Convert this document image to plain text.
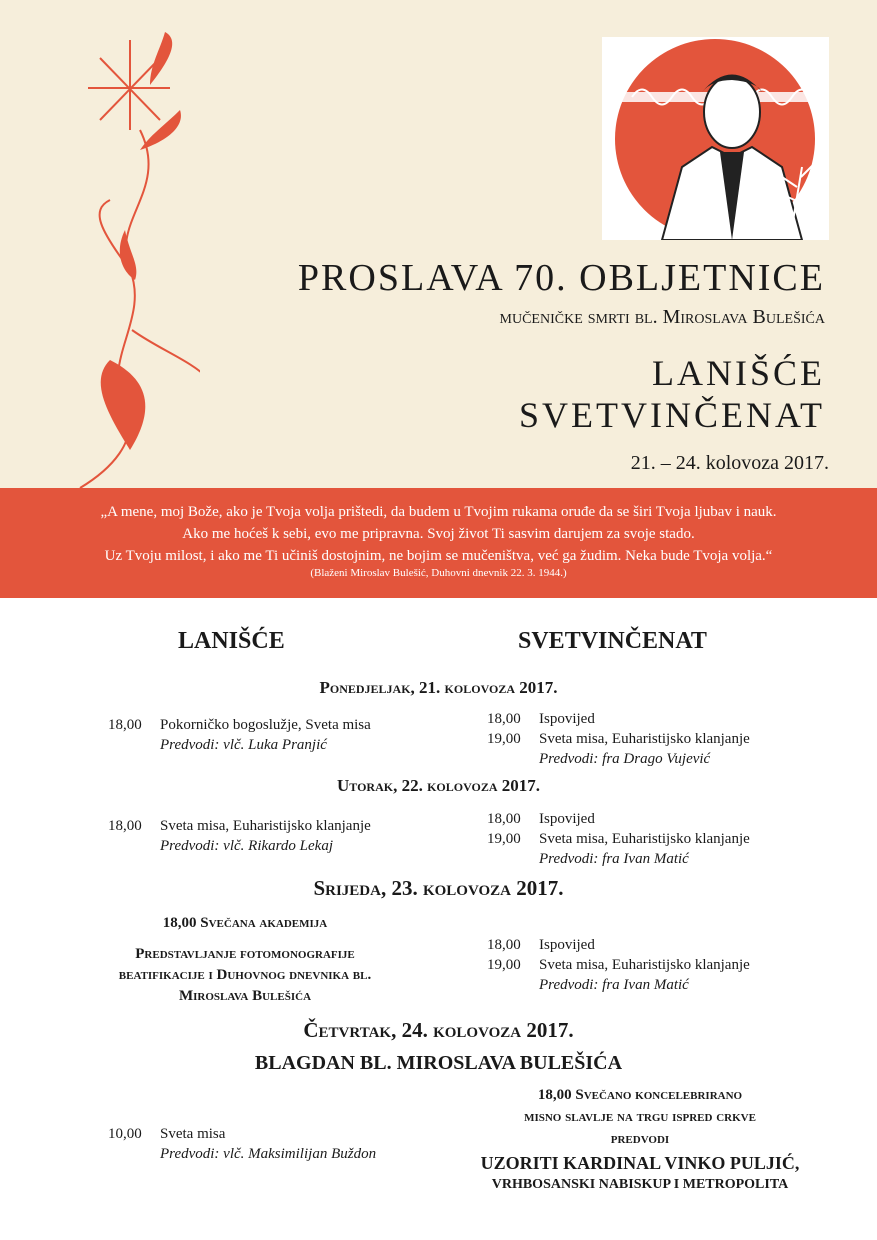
PROSLAVA 70. OBLJETNICE
mučeničke smrti bl. Miroslava Bulešića
LANIŠĆE
SVETVINČENAT
21. – 24. kolovoza 2017.
„A mene, moj Bože, ako je Tvoja volja prištedi, da budem u Tvojim rukama oruđe da se širi Tvoja ljubav i nauk.
Ako me hoćeš k sebi, evo me pripravna. Svoj život Ti sasvim darujem za svoje stado.
Uz Tvoju milost, i ako me Ti učiniš dostojnim, ne bojim se mučeništva, već ga žudim. Neka bude Tvoja volja.“
(Blaženi Miroslav Bulešić, Duhovni dnevnik 22. 3. 1944.)
LANIŠĆE	SVETVINČENAT
Ponedjeljak, 21. kolovoza 2017.
18,00 Pokorničko bogoslužje, Sveta misa
Predvodi: vlč. Luka Pranjić
18,00 Ispovijed
19,00 Sveta misa, Euharistijsko klanjanje
Predvodi: fra Drago Vujević
Utorak, 22. kolovoza 2017.
18,00 Sveta misa, Euharistijsko klanjanje
Predvodi: vlč. Rikardo Lekaj
18,00 Ispovijed
19,00 Sveta misa, Euharistijsko klanjanje
Predvodi: fra Ivan Matić
Srijeda, 23. kolovoza 2017.
18,00 Svečana akademija
Predstavljanje fotomonografije
beatifikacije i Duhovnog dnevnika bl.
Miroslava Bulešića
18,00 Ispovijed
19,00 Sveta misa, Euharistijsko klanjanje
Predvodi: fra Ivan Matić
Četvrtak, 24. kolovoza 2017.
BLAGDAN BL. MIROSLAVA BULEŠIĆA
10,00 Sveta misa
Predvodi: vlč. Maksimilijan Buždon
18,00 Svečano koncelebrirano
misno slavlje na trgu ispred crkve
predvodi
UZORITI KARDINAL VINKO PULJIĆ,
VRHBOSANSKI NABISKUP I METROPOLITA
